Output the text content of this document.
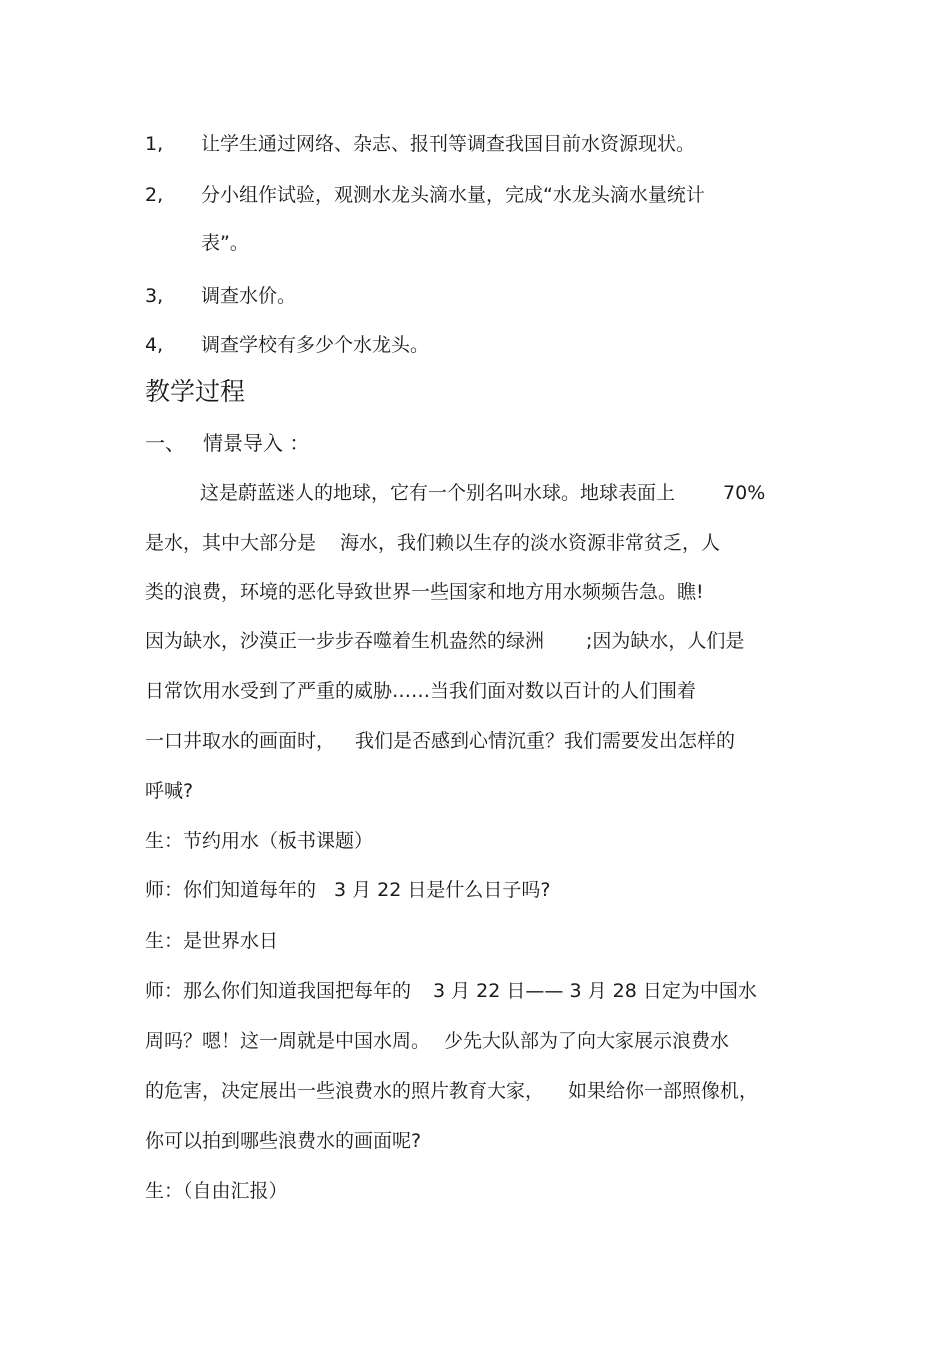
1, 让学生通过网络、杂志、报刊等调查我国目前水资源现状。
2, 分小组作试验，观测水龙头滴水量，完成“水龙头滴水量统计
表”。
3, 调查水价。
4, 调查学校有多少个水龙头。
教学过程
一、 情景导入 ：
这是蔚蓝迷人的地球，它有一个别名叫水球。地球表面上	70%
是水，其中大部分是 海水，我们赖以生存的淡水资源非常贫乏，人
类的浪费，环境的恶化导致世界一些国家和地方用水频频告急。瞧!
因为缺水，沙漠正一步步吞噬着生机盎然的绿洲 ;因为缺水，人们是
日常饮用水受到了严重的威胁……当我们面对数以百计的人们围着
一口井取水的画面时， 我们是否感到心情沉重？我们需要发出怎样的
呼喊?
生：节约用水（板书课题）
师：你们知道每年的 3 月 22 日是什么日子吗?
生：是世界水日
师：那么你们知道我国把每年的 3 月 22 日—— 3 月 28 日定为中国水
周吗？嗯！这一周就是中国水周。 少先大队部为了向大家展示浪费水
的危害，决定展出一些浪费水的照片教育大家， 如果给你一部照像机，
你可以拍到哪些浪费水的画面呢?
生：（自由汇报）
